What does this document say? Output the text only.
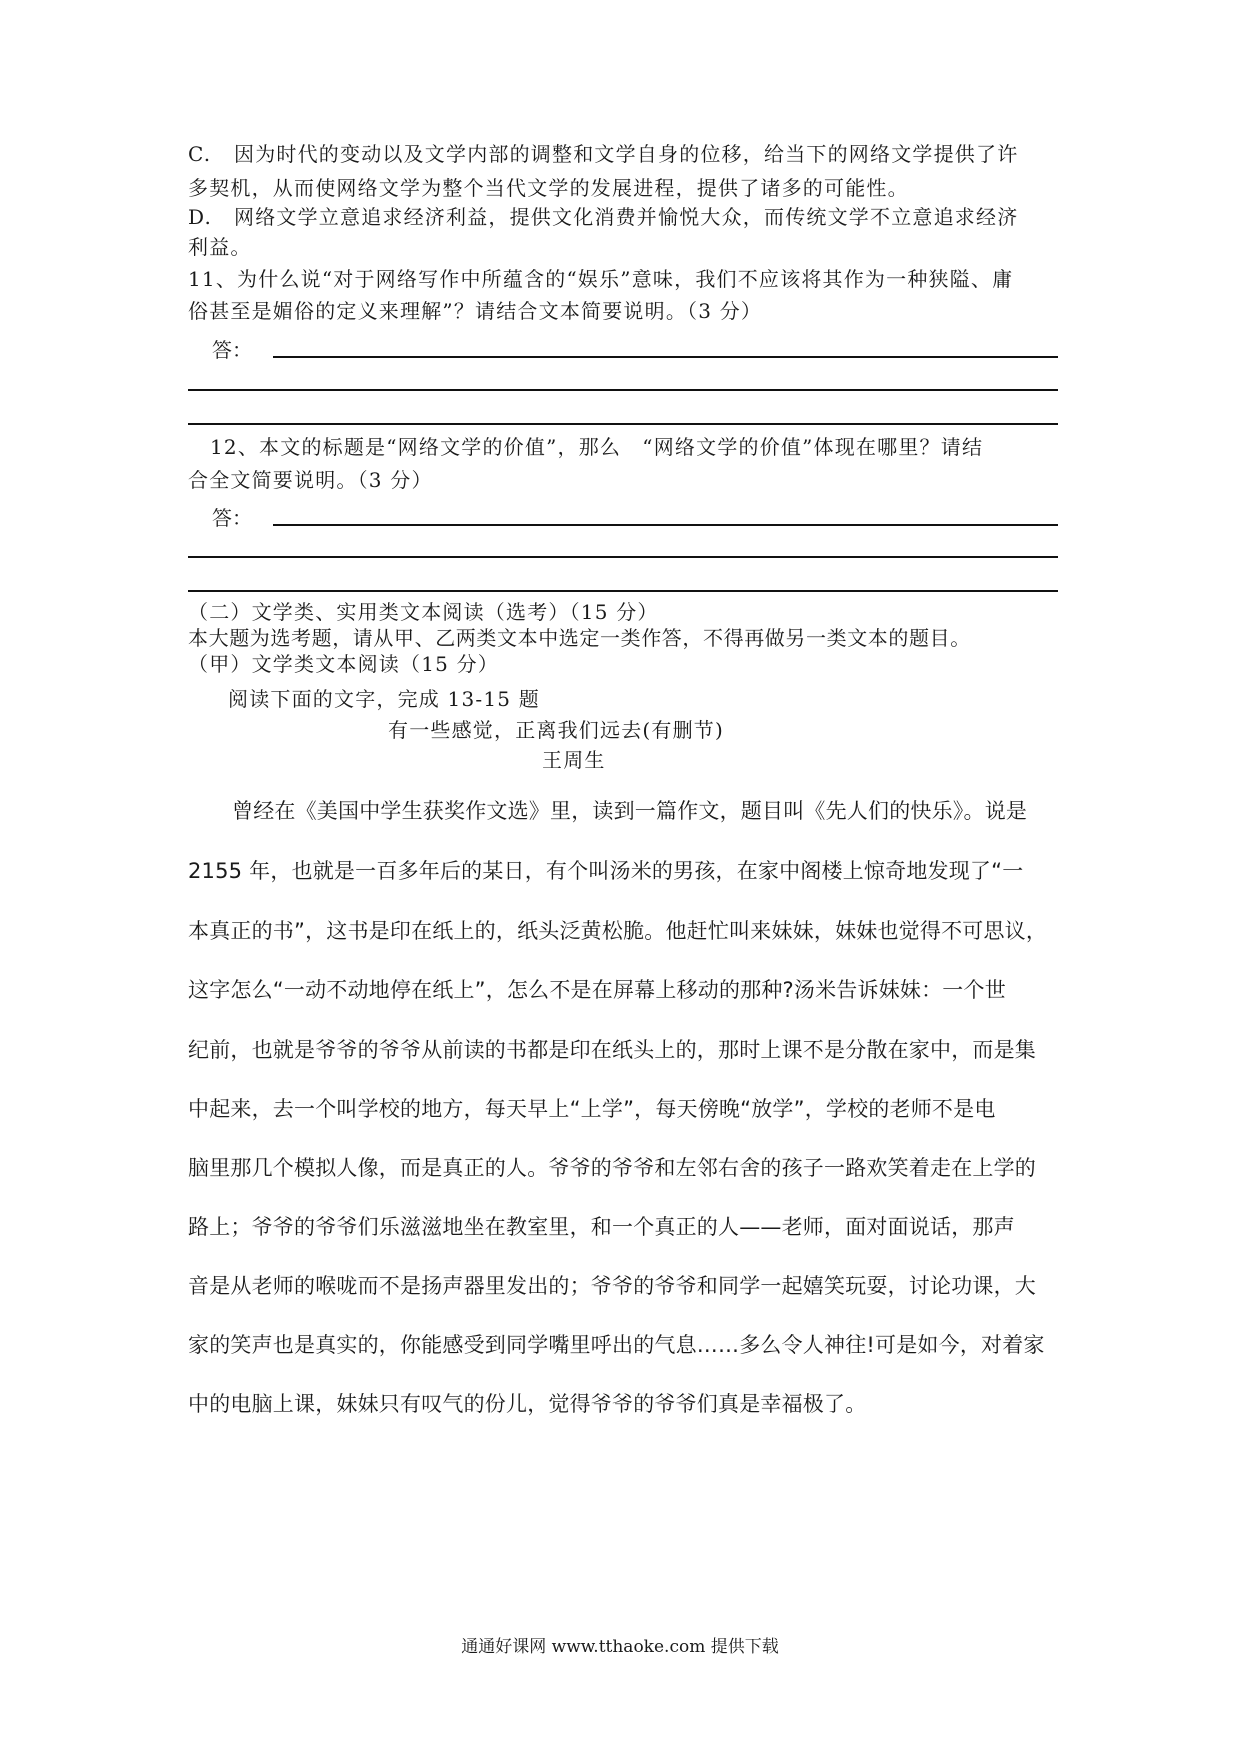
C. 因为时代的变动以及文学内部的调整和文学自身的位移，给当下的网络文学提供了许
多契机，从而使网络文学为整个当代文学的发展进程，提供了诸多的可能性。
D. 网络文学立意追求经济利益，提供文化消费并愉悦大众，而传统文学不立意追求经济
利益。
11、为什么说“对于网络写作中所蕴含的“娱乐”意味，我们不应该将其作为一种狭隘、庸
俗甚至是媚俗的定义来理解”？请结合文本简要说明。（3 分）
答：
12、本文的标题是“网络文学的价值”，那么　“网络文学的价值”体现在哪里？请结
合全文简要说明。（3 分）
答：
（二）文学类、实用类文本阅读（选考）（15 分）
本大题为选考题，请从甲、乙两类文本中选定一类作答，不得再做另一类文本的题目。
（甲）文学类文本阅读（15 分）
阅读下面的文字，完成 13-15 题
有一些感觉，正离我们远去(有删节)
王周生
曾经在《美国中学生获奖作文选》里，读到一篇作文，题目叫《先人们的快乐》。说是
2155 年，也就是一百多年后的某日，有个叫汤米的男孩，在家中阁楼上惊奇地发现了“一
本真正的书”，这书是印在纸上的，纸头泛黄松脆。他赶忙叫来妹妹，妹妹也觉得不可思议，
这字怎么“一动不动地停在纸上”，怎么不是在屏幕上移动的那种?汤米告诉妹妹：一个世
纪前，也就是爷爷的爷爷从前读的书都是印在纸头上的，那时上课不是分散在家中，而是集
中起来，去一个叫学校的地方，每天早上“上学”，每天傍晚“放学”，学校的老师不是电
脑里那几个模拟人像，而是真正的人。爷爷的爷爷和左邻右舍的孩子一路欢笑着走在上学的
路上；爷爷的爷爷们乐滋滋地坐在教室里，和一个真正的人——老师，面对面说话，那声
音是从老师的喉咙而不是扬声器里发出的；爷爷的爷爷和同学一起嬉笑玩耍，讨论功课，大
家的笑声也是真实的，你能感受到同学嘴里呼出的气息……多么令人神往!可是如今，对着家
中的电脑上课，妹妹只有叹气的份儿，觉得爷爷的爷爷们真是幸福极了。
通通好课网 www.tthaoke.com 提供下载
